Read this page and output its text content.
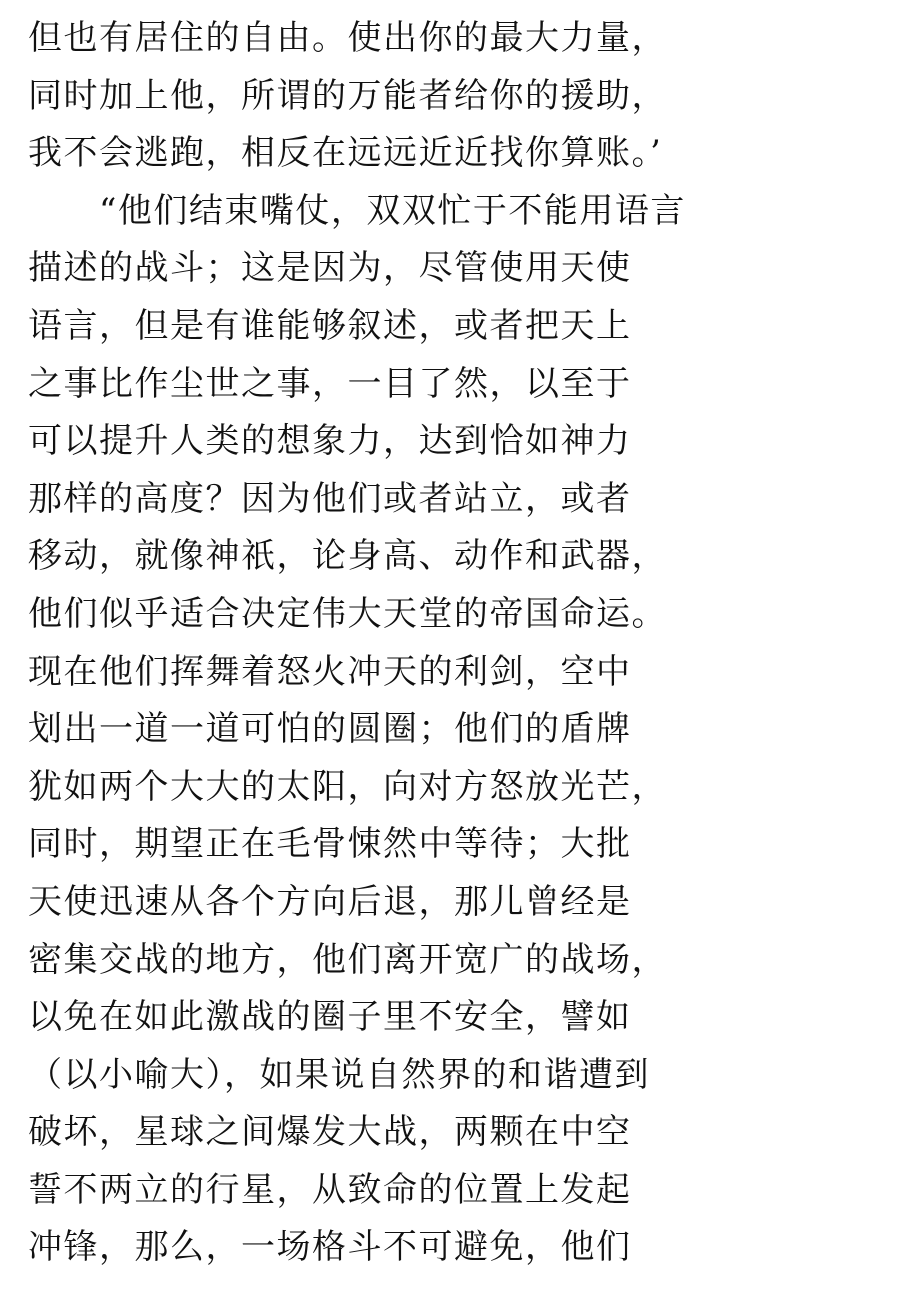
但也有居住的自由。使出你的最大力量，
同时加上他，所谓的万能者给你的援助，
我不会逃跑，相反在远远近近找你算账。’
　　“他们结束嘴仗，双双忙于不能用语言
描述的战斗；这是因为，尽管使用天使
语言，但是有谁能够叙述，或者把天上
之事比作尘世之事，一目了然，以至于
可以提升人类的想象力，达到恰如神力
那样的高度？因为他们或者站立，或者
移动，就像神祇，论身高、动作和武器，
他们似乎适合决定伟大天堂的帝国命运。
现在他们挥舞着怒火冲天的利剑，空中
划出一道一道可怕的圆圈；他们的盾牌
犹如两个大大的太阳，向对方怒放光芒，
同时，期望正在毛骨悚然中等待；大批
天使迅速从各个方向后退，那儿曾经是
密集交战的地方，他们离开宽广的战场，
以免在如此激战的圈子里不安全，譬如
（以小喻大），如果说自然界的和谐遭到
破坏，星球之间爆发大战，两颗在中空
誓不两立的行星，从致命的位置上发起
冲锋，那么，一场格斗不可避免，他们
